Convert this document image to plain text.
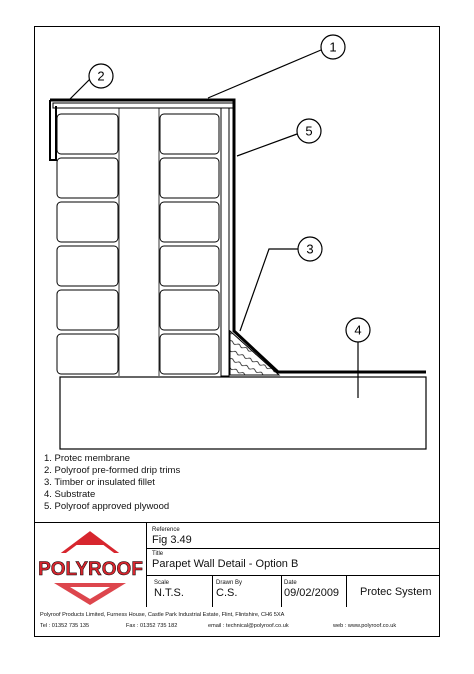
1
2
3
4
5
1. Protec membrane
2. Polyroof pre-formed drip trims
3. Timber or insulated fillet
4. Substrate
5. Polyroof approved plywood
POLYROOF
Reference
Fig 3.49
Title
Parapet Wall Detail - Option B
Scale
N.T.S.
Drawn By
C.S.
Date
09/02/2009 Protec System
Polyroof Products Limited, Furness House, Castle Park Industrial Estate, Flint, Flintshire, CH6 5XA
Tel : 01352 735 135	Fax : 01352 735 182	email : technical@polyroof.co.uk	web : www.polyroof.co.uk
